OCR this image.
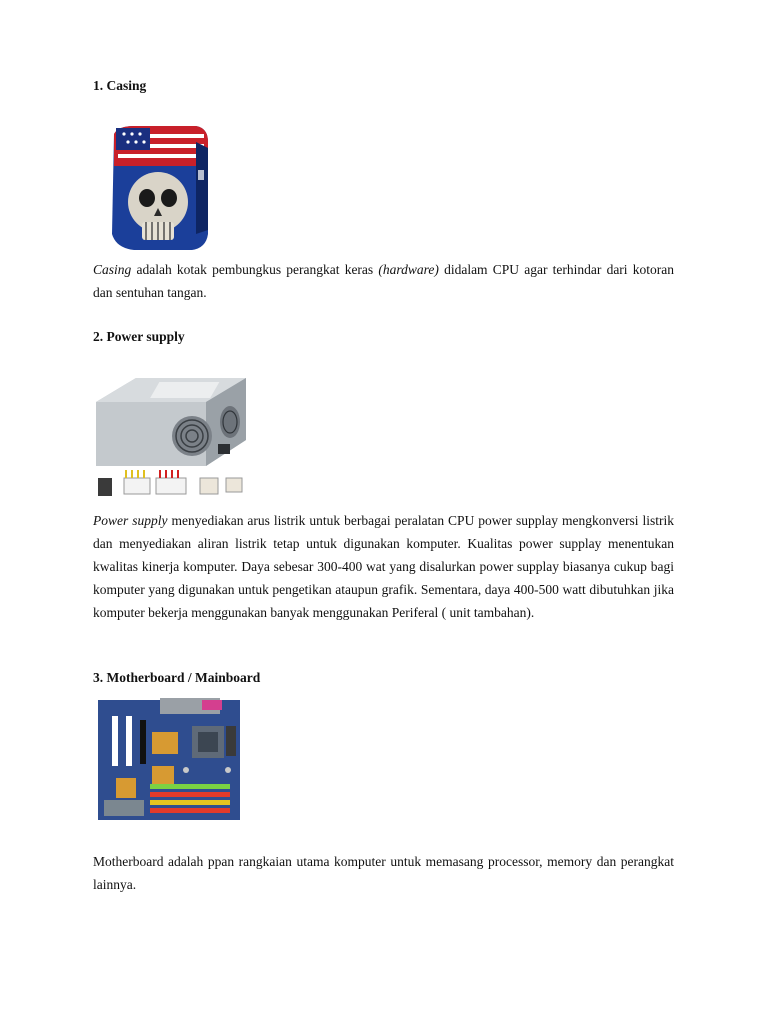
1. Casing

Casing adalah kotak pembungkus perangkat keras (hardware) didalam CPU agar terhindar dari kotoran dan sentuhan tangan.

2. Power supply

Power supply menyediakan arus listrik untuk berbagai peralatan CPU power supplay mengkonversi listrik dan menyediakan aliran listrik tetap untuk digunakan komputer. Kualitas power supplay menentukan kwalitas kinerja komputer. Daya sebesar 300-400 wat yang disalurkan power supplay biasanya cukup bagi komputer yang digunakan untuk pengetikan ataupun grafik. Sementara, daya 400-500 watt dibutuhkan jika komputer bekerja menggunakan banyak menggunakan Periferal ( unit tambahan).

3. Motherboard / Mainboard

Motherboard adalah ppan rangkaian utama komputer untuk memasang processor, memory dan perangkat lainnya.
